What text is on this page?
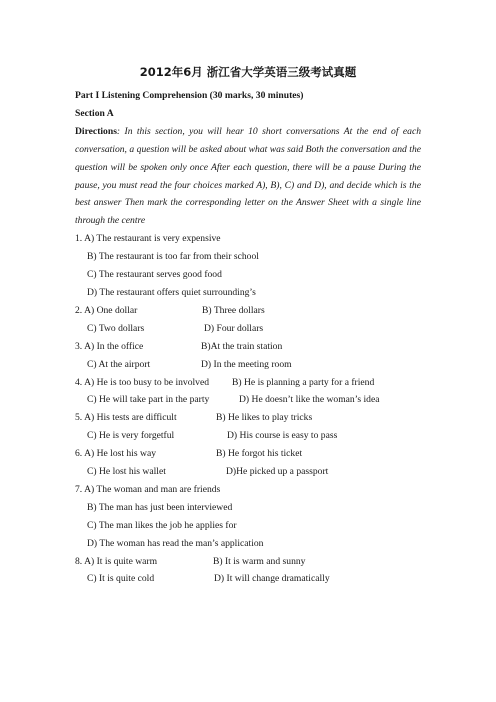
2012年6月 浙江省大学英语三级考试真题
Part I Listening Comprehension (30 marks, 30 minutes)
Section A
Directions: In this section, you will hear 10 short conversations At the end of each conversation, a question will be asked about what was said Both the conversation and the question will be spoken only once After each question, there will be a pause During the pause, you must read the four choices marked A), B), C) and D), and decide which is the best answer Then mark the corresponding letter on the Answer Sheet with a single line through the centre
1. A) The restaurant is very expensive
B) The restaurant is too far from their school
C) The restaurant serves good food
D) The restaurant offers quiet surrounding’s
2. A) One dollar	B) Three dollars
C) Two dollars	D) Four dollars
3. A) In the office	B)At the train station
C) At the airport	D) In the meeting room
4. A) He is too busy to be involved	B) He is planning a party for a friend
C) He will take part in the party	D) He doesn’t like the woman’s idea
5. A) His tests are difficult	B) He likes to play tricks
C) He is very forgetful	D) His course is easy to pass
6. A) He lost his way	B) He forgot his ticket
C) He lost his wallet	D)He picked up a passport
7. A) The woman and man are friends
B) The man has just been interviewed
C) The man likes the job he applies for
D) The woman has read the man’s application
8. A) It is quite warm	B) It is warm and sunny
C) It is quite cold	D) It will change dramatically
